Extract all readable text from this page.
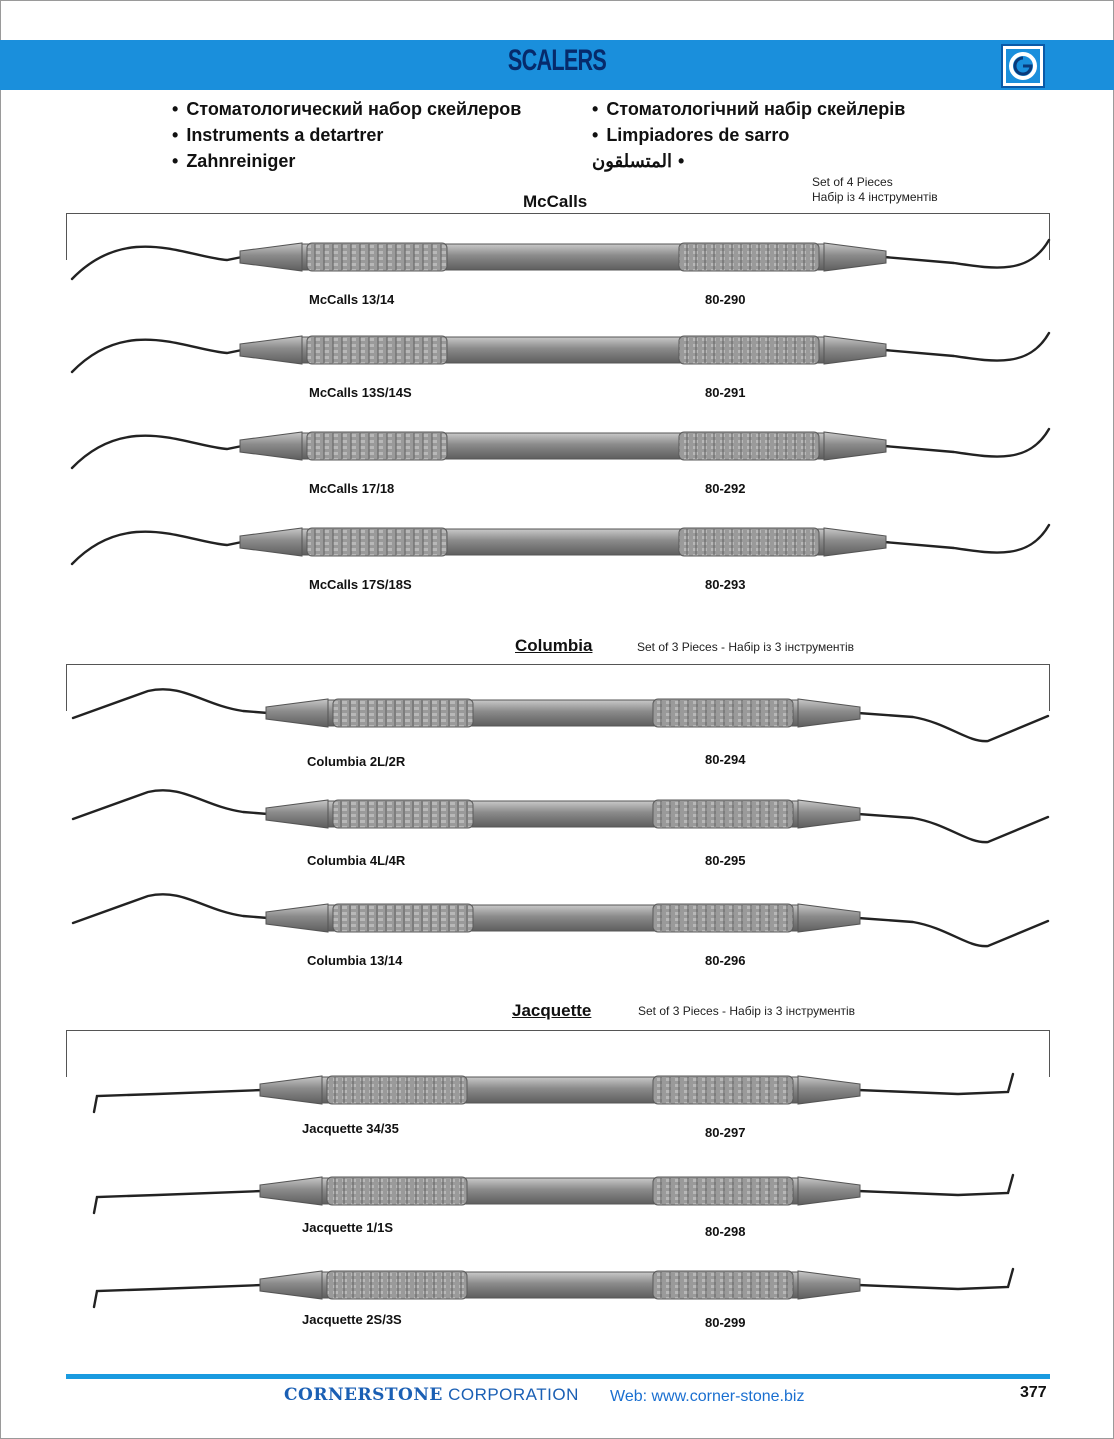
SCALERS
• Стоматологический набор скейлеров
• Instruments a detartrer
• Zahnreiniger
• Стоматологічний набір скейлерів
• Limpiadores de sarro
المتسلقون •
McCalls
Set of 4 Pieces
Набір із 4 інструментів
Columbia	Set of 3 Pieces - Набір із 3 інструментів
Jacquette	Set of 3 Pieces - Набір із 3 інструментів
McCalls 13/14	80-290
McCalls 13S/14S	80-291
McCalls 17/18	80-292
McCalls 17S/18S	80-293
Columbia 2L/2R	80-294
Columbia 4L/4R	80-295
Columbia 13/14	80-296
Jacquette 34/35	80-297
Jacquette 1/1S	80-298
Jacquette 2S/3S	80-299
CORNERSTONE CORPORATION Web: www.corner-stone.biz	377
